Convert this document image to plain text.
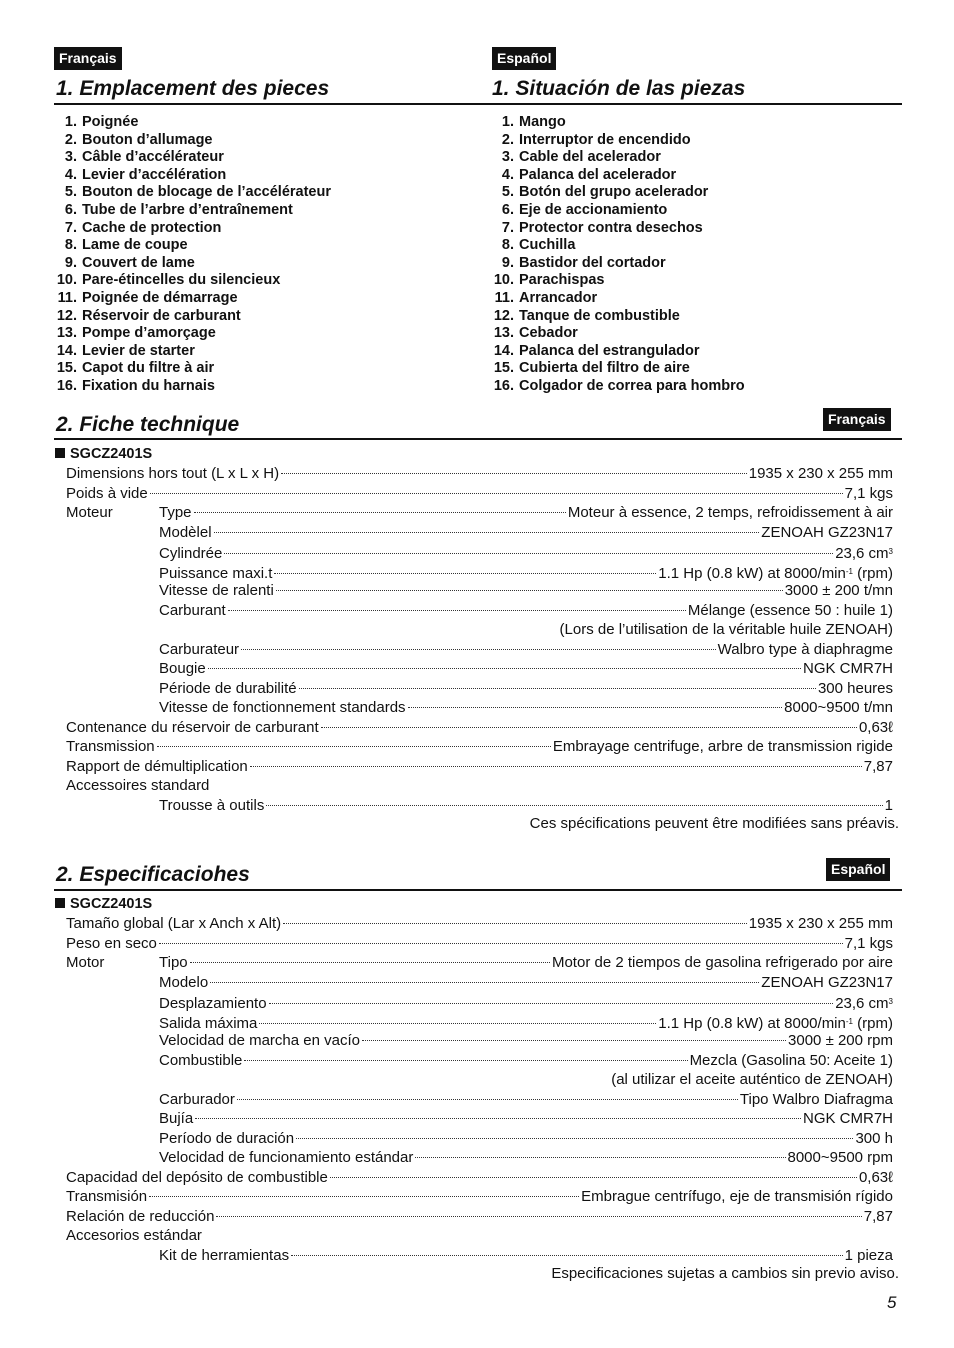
Français	Español
1. Emplacement des pieces	1. Situación de las piezas
1. Poignée
2. Bouton d’allumage
3. Câble d’accélérateur
4. Levier d’accélération
5. Bouton de blocage de l’accélérateur
6. Tube de l’arbre d’entraînement
7. Cache de protection
8. Lame de coupe
9. Couvert de lame
10. Pare-étincelles du silencieux
11. Poignée de démarrage
12. Réservoir de carburant
13. Pompe d’amorçage
14. Levier de starter
15. Capot du filtre à air
16. Fixation du harnais
1. Mango
2. Interruptor de encendido
3. Cable del acelerador
4. Palanca del acelerador
5. Botón del grupo acelerador
6. Eje de accionamiento
7. Protector contra desechos
8. Cuchilla
9. Bastidor del cortador
10. Parachispas
11. Arrancador
12. Tanque de combustible
13. Cebador
14. Palanca del estrangulador
15. Cubierta del filtro de aire
16. Colgador de correa para hombro
2. Fiche technique	Français
SGCZ2401S
Dimensions hors tout (L x L x H)	1935 x 230 x 255 mm
Poids à vide	7,1 kgs
Moteur	Type	Moteur à essence, 2 temps, refroidissement à air
Modèlel	ZENOAH GZ23N17
Cylindrée	23,6 $cm^3$
Puissance maxi.t	1.1 Hp (0.8 kW) at $8000/\min^{-1}$ (rpm)
Vitesse de ralenti	3000 ± 200 t/mn
Carburant	Mélange (essence 50 : huile 1)
(Lors de l’utilisation de la véritable huile ZENOAH)
Carburateur	Walbro type à diaphragme
Bougie	NGK CMR7H
Période de durabilité	300 heures
Vitesse de fonctionnement standards	8000~9500 t/mn
Contenance du réservoir de carburant	0,63ℓ
Transmission	Embrayage centrifuge, arbre de transmission rigide
Rapport de démultiplication	7,87
Accessoires standard
Trousse à outils	1
Ces spécifications peuvent être modifiées sans préavis.
2. Especificaciohes	Español
SGCZ2401S
Tamaño global (Lar x Anch x Alt)	1935 x 230 x 255 mm
Peso en seco	7,1 kgs
Motor	Tipo	Motor de 2 tiempos de gasolina refrigerado por aire
Modelo	ZENOAH GZ23N17
Desplazamiento	23,6 $cm^3$
Salida máxima	1.1 Hp (0.8 kW) at $8000/\min^{-1}$ (rpm)
Velocidad de marcha en vacío	3000 ± 200 rpm
Combustible	Mezcla (Gasolina 50: Aceite 1)
(al utilizar el aceite auténtico de ZENOAH)
Carburador	Tipo Walbro Diafragma
Bujía	NGK CMR7H
Período de duración	300 h
Velocidad de funcionamiento estándar	8000~9500 rpm
Capacidad del depósito de combustible	0,63ℓ
Transmisión	Embrague centrífugo, eje de transmisión rígido
Relación de reducción	7,87
Accesorios estándar
Kit de herramientas	1 pieza
Especificaciones sujetas a cambios sin previo aviso.
5
